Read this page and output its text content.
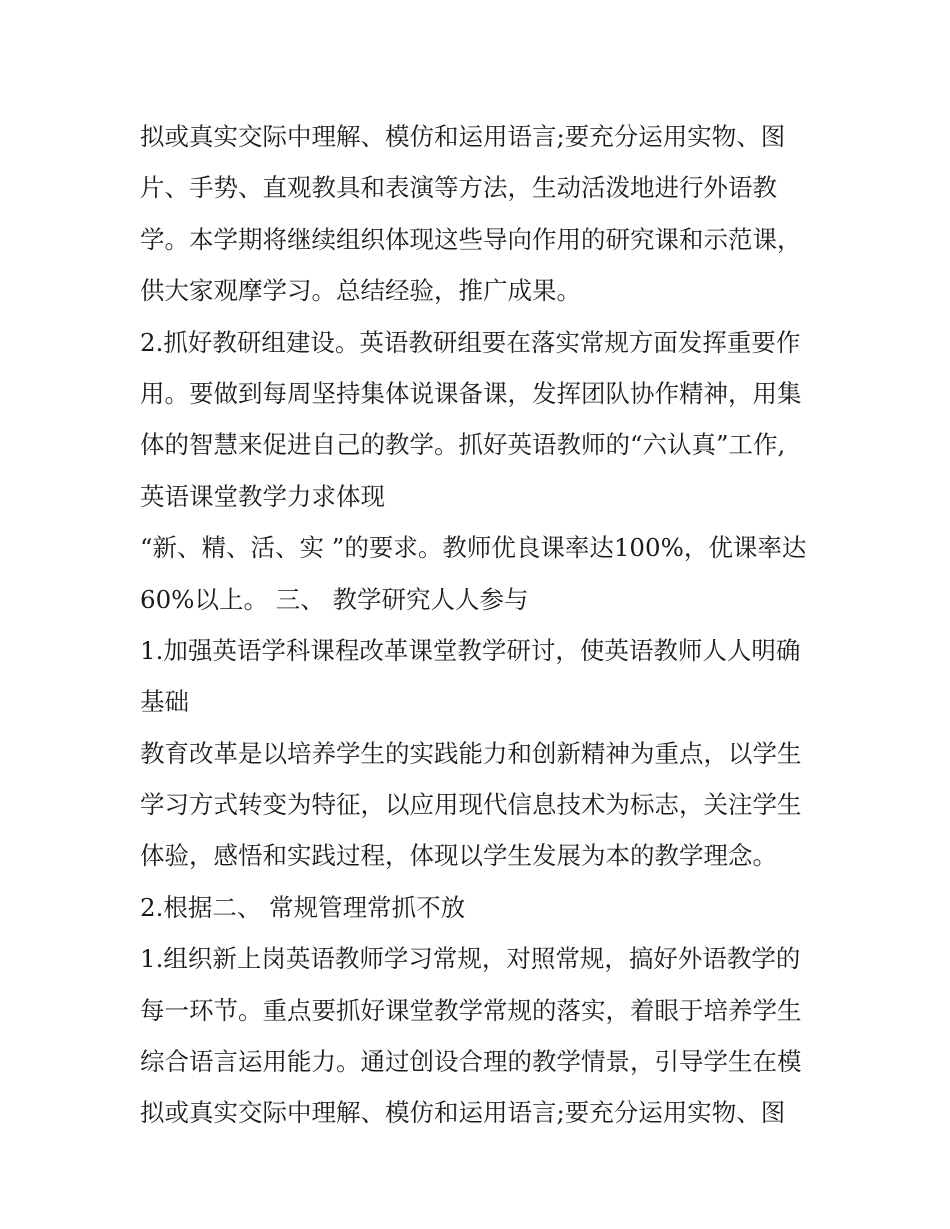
拟或真实交际中理解、模仿和运用语言;要充分运用实物、图
片、手势、直观教具和表演等方法，生动活泼地进行外语教
学。本学期将继续组织体现这些导向作用的研究课和示范课，
供大家观摩学习。总结经验，推广成果。
2.抓好教研组建设。英语教研组要在落实常规方面发挥重要作
用。要做到每周坚持集体说课备课，发挥团队协作精神，用集
体的智慧来促进自己的教学。抓好英语教师的“六认真”工作,
英语课堂教学力求体现
“新、精、活、实 ”的要求。教师优良课率达100%，优课率达
60%以上。 三、 教学研究人人参与
1.加强英语学科课程改革课堂教学研讨，使英语教师人人明确
基础
教育改革是以培养学生的实践能力和创新精神为重点，以学生
学习方式转变为特征，以应用现代信息技术为标志，关注学生
体验，感悟和实践过程，体现以学生发展为本的教学理念。
2.根据二、 常规管理常抓不放
1.组织新上岗英语教师学习常规，对照常规，搞好外语教学的
每一环节。重点要抓好课堂教学常规的落实，着眼于培养学生
综合语言运用能力。通过创设合理的教学情景，引导学生在模
拟或真实交际中理解、模仿和运用语言;要充分运用实物、图
